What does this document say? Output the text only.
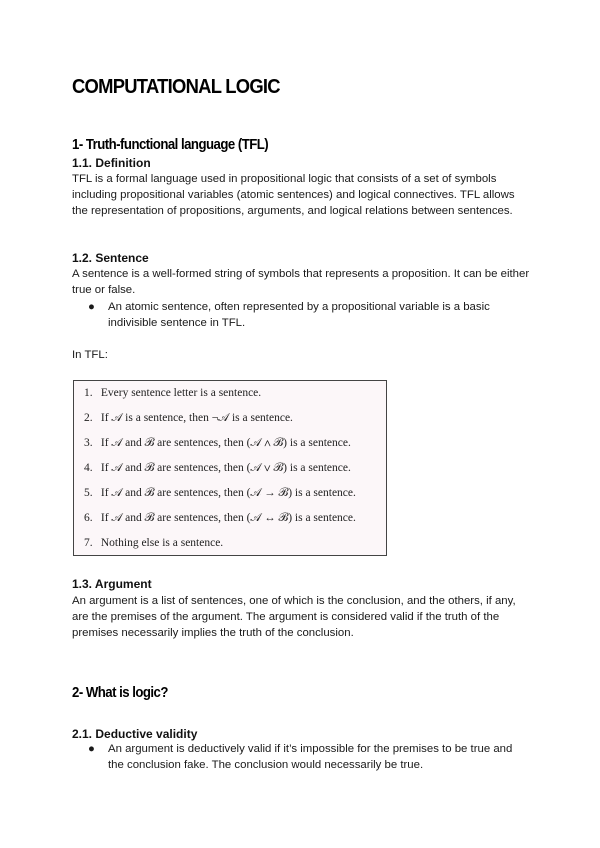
COMPUTATIONAL LOGIC
1- Truth-functional language (TFL)
1.1. Definition

TFL is a formal language used in propositional logic that consists of a set of symbols including propositional variables (atomic sentences) and logical connectives. TFL allows the representation of propositions, arguments, and logical relations between sentences.

1.2. Sentence

A sentence is a well-formed string of symbols that represents a proposition. It can be either true or false.

● An atomic sentence, often represented by a propositional variable is a basic indivisible sentence in TFL.

In TFL:

1. Every sentence letter is a sentence.
2. If 𝒜 is a sentence, then ¬𝒜 is a sentence.
3. If 𝒜 and ℬ are sentences, then (𝒜 ∧ ℬ) is a sentence.
4. If 𝒜 and ℬ are sentences, then (𝒜 ∨ ℬ) is a sentence.
5. If 𝒜 and ℬ are sentences, then (𝒜 → ℬ) is a sentence.
6. If 𝒜 and ℬ are sentences, then (𝒜 ↔ ℬ) is a sentence.
7. Nothing else is a sentence.
1.3. Argument

An argument is a list of sentences, one of which is the conclusion, and the others, if any, are the premises of the argument. The argument is considered valid if the truth of the premises necessarily implies the truth of the conclusion.

2- What is logic?
2.1. Deductive validity
● An argument is deductively valid if it’s impossible for the premises to be true and the conclusion fake. The conclusion would necessarily be true.
